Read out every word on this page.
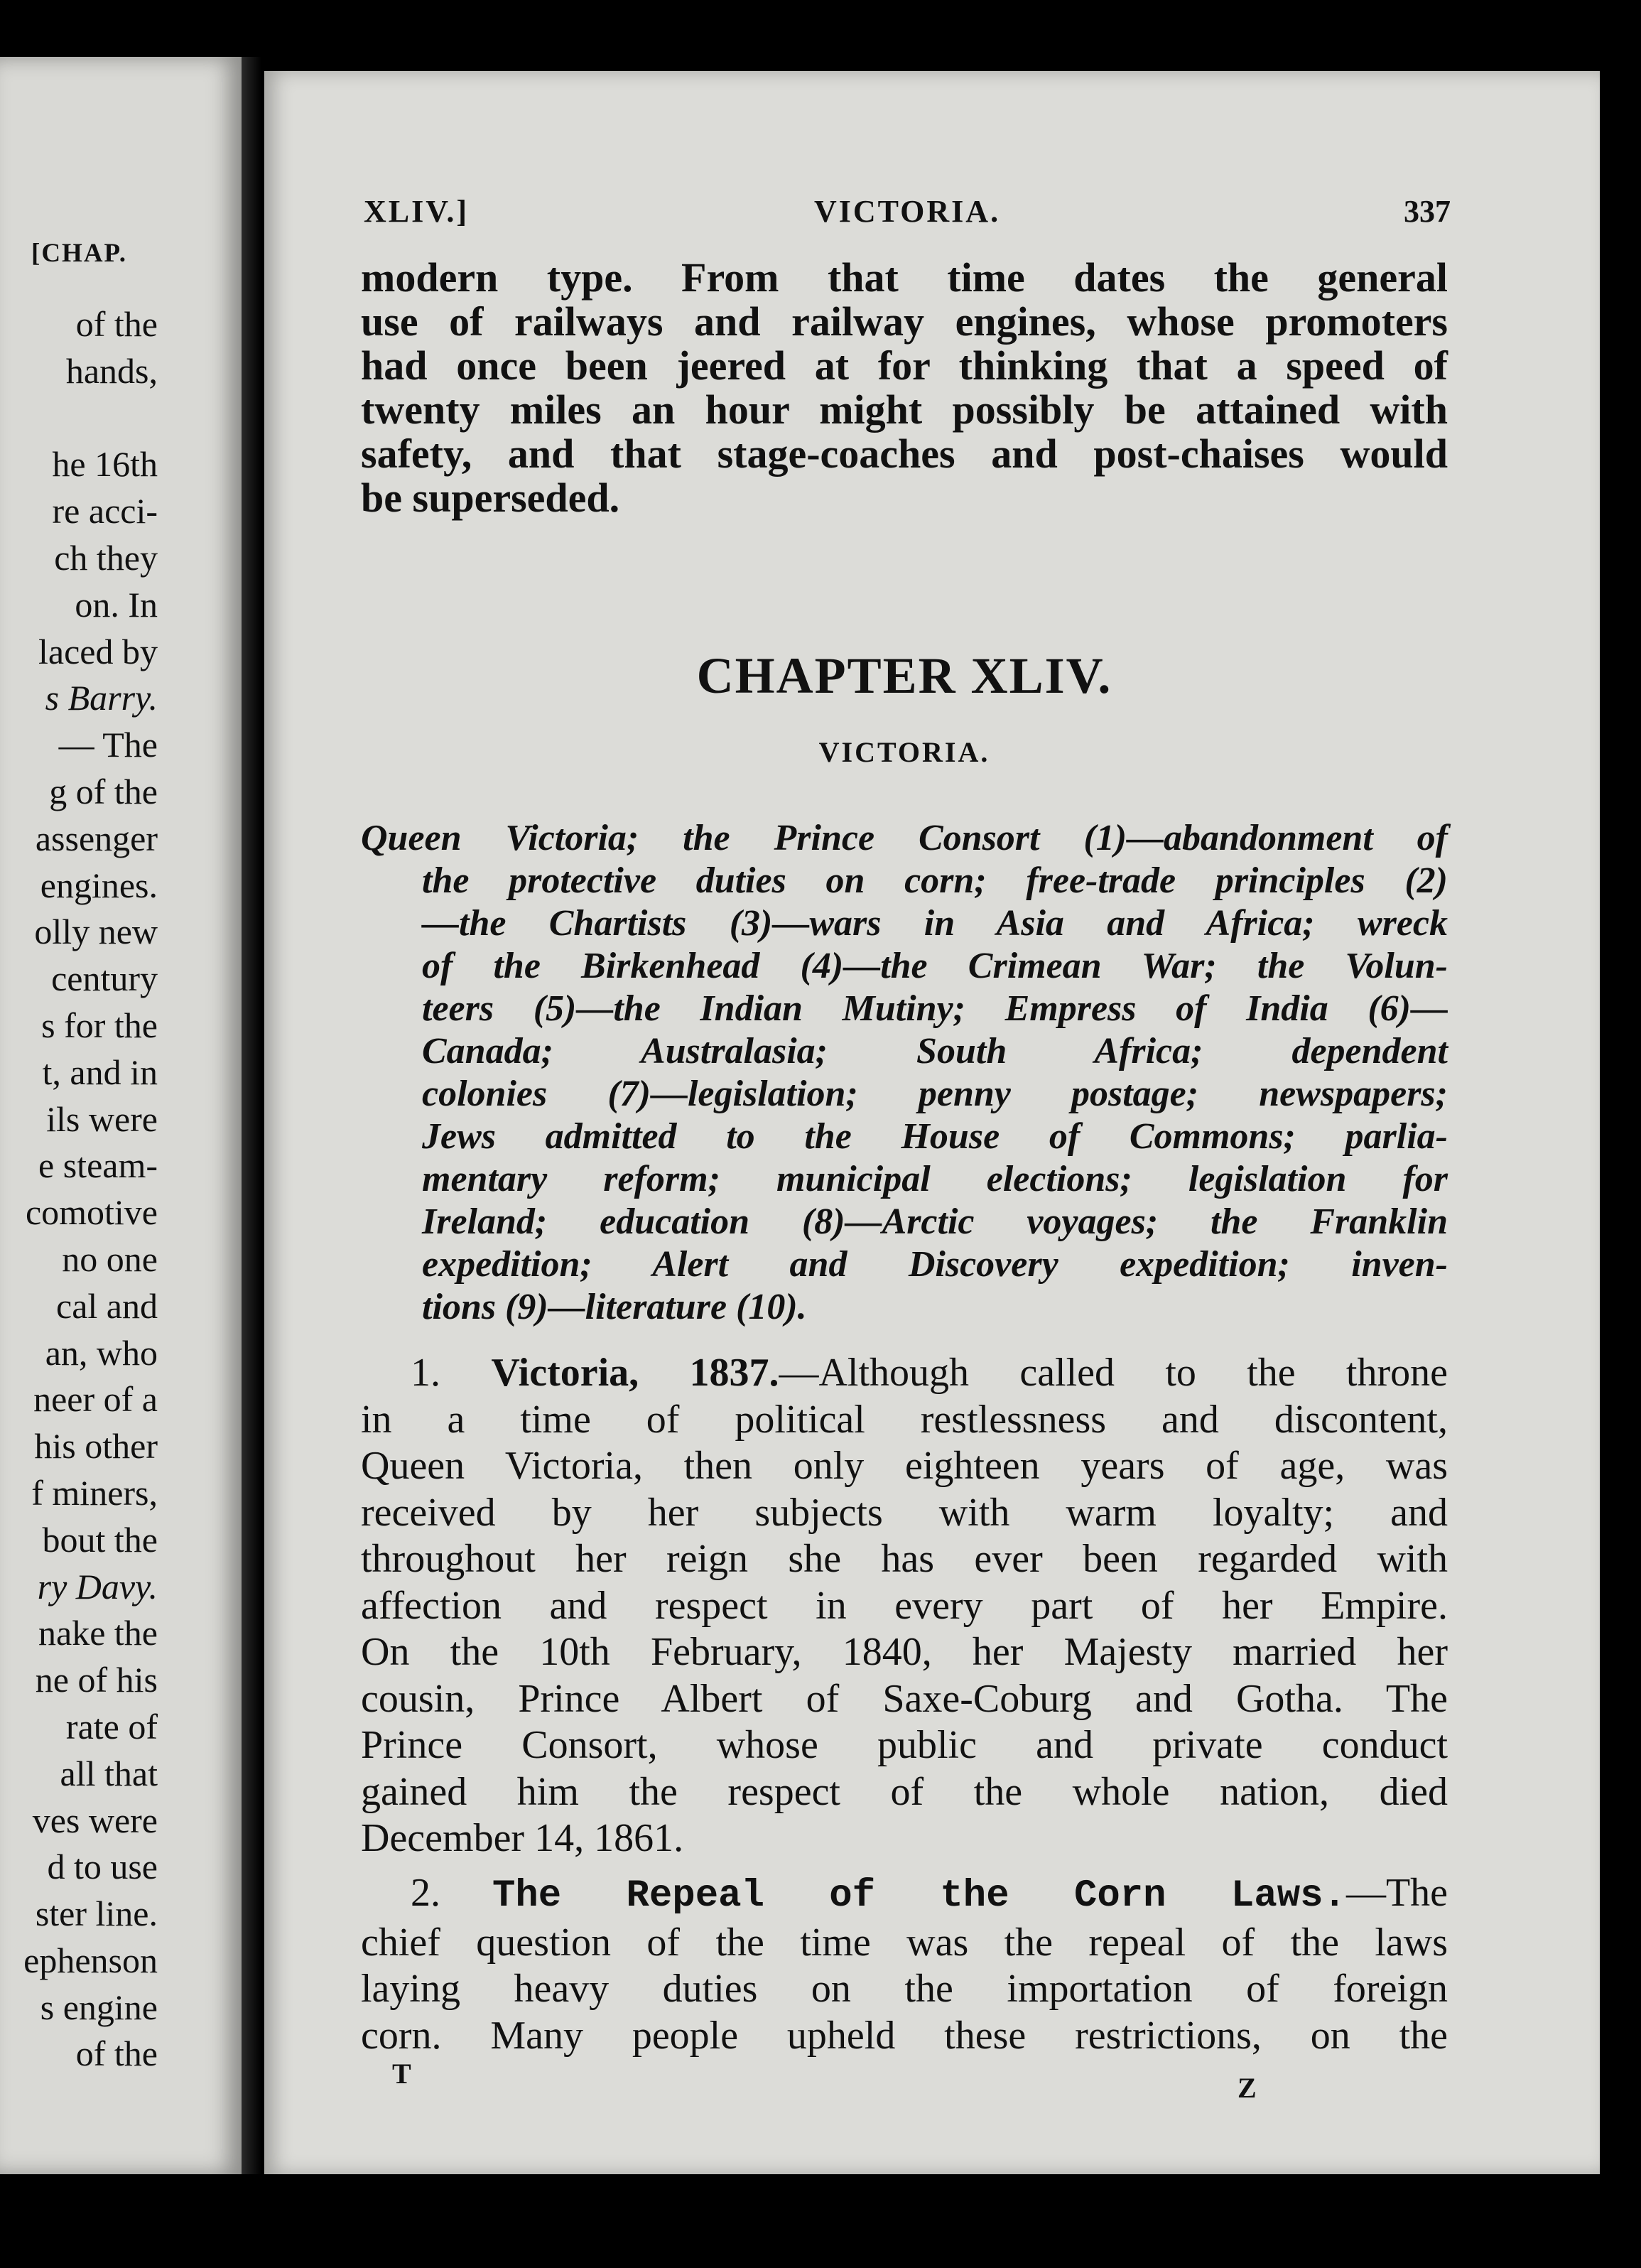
[CHAP.
of the
hands,
he 16th
re acci-
ch they
on. In
laced by
s Barry.
— The
g of the
assenger
engines.
olly new
century
s for the
t, and in
ils were
e steam-
comotive
no one
cal and
an, who
neer of a
his other
f miners,
bout the
ry Davy.
nake the
ne of his
rate of
all that
ves were
d to use
ster line.
ephenson
s engine
of the
XLIV.]	VICTORIA.	337
modern type. From that time dates the general
use of railways and railway engines, whose promoters
had once been jeered at for thinking that a speed of
twenty miles an hour might possibly be attained with
safety, and that stage-coaches and post-chaises would
be superseded.
CHAPTER XLIV.
VICTORIA.
Queen Victoria; the Prince Consort (1)—abandonment of
the protective duties on corn; free-trade principles (2)
—the Chartists (3)—wars in Asia and Africa; wreck
of the Birkenhead (4)—the Crimean War; the Volun-
teers (5)—the Indian Mutiny; Empress of India (6)—
Canada; Australasia; South Africa; dependent
colonies (7)—legislation; penny postage; newspapers;
Jews admitted to the House of Commons; parlia-
mentary reform; municipal elections; legislation for
Ireland; education (8)—Arctic voyages; the Franklin
expedition; Alert and Discovery expedition; inven-
tions (9)—literature (10).
1. Victoria, 1837.—Although called to the throne
in a time of political restlessness and discontent,
Queen Victoria, then only eighteen years of age, was
received by her subjects with warm loyalty; and
throughout her reign she has ever been regarded with
affection and respect in every part of her Empire.
On the 10th February, 1840, her Majesty married her
cousin, Prince Albert of Saxe-Coburg and Gotha. The
Prince Consort, whose public and private conduct
gained him the respect of the whole nation, died
December 14, 1861.
2. The Repeal of the Corn Laws.—The
chief question of the time was the repeal of the laws
laying heavy duties on the importation of foreign
corn. Many people upheld these restrictions, on the
T	Z
